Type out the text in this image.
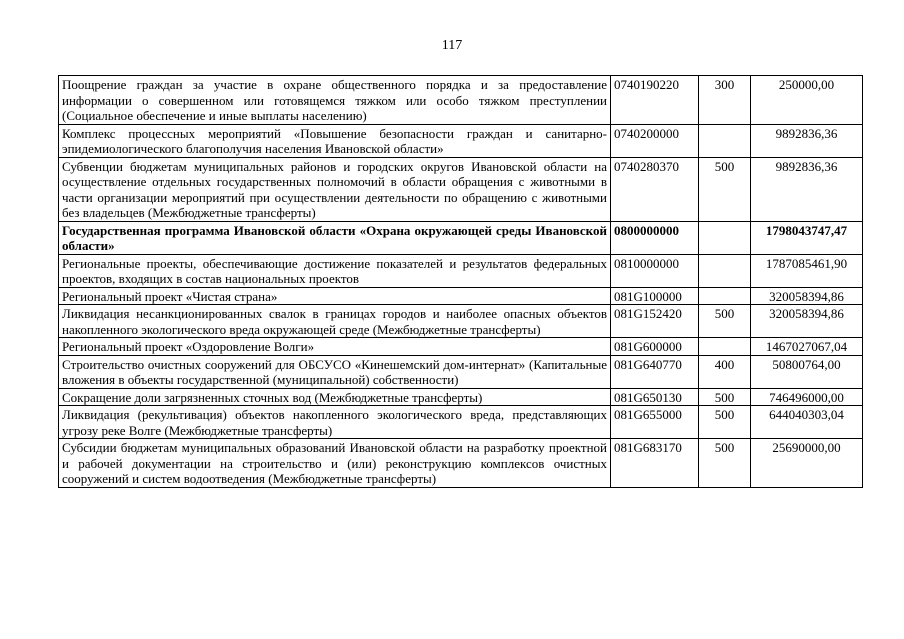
117
Поощрение граждан за участие в охране общественного порядка и за предоставление информации о совершенном или готовящемся тяжком или особо тяжком преступлении (Социальное обеспечение и иные выплаты населению)	0740190220	300	250000,00
Комплекс процессных мероприятий «Повышение безопасности граждан и санитарно-эпидемиологического благополучия населения Ивановской области»	0740200000		9892836,36
Субвенции бюджетам муниципальных районов и городских округов Ивановской области на осуществление отдельных государственных полномочий в области обращения с животными в части организации мероприятий при осуществлении деятельности по обращению с животными без владельцев (Межбюджетные трансферты)	0740280370	500	9892836,36
Государственная программа Ивановской области «Охрана окружающей среды Ивановской области»	0800000000		1798043747,47
Региональные проекты, обеспечивающие достижение показателей и результатов федеральных проектов, входящих в состав национальных проектов	0810000000		1787085461,90
Региональный проект «Чистая страна»	081G100000		320058394,86
Ликвидация несанкционированных свалок в границах городов и наиболее опасных объектов накопленного экологического вреда окружающей среде (Межбюджетные трансферты)	081G152420	500	320058394,86
Региональный проект «Оздоровление Волги»	081G600000		1467027067,04
Строительство очистных сооружений для ОБСУСО «Кинешемский дом-интернат» (Капитальные вложения в объекты государственной (муниципальной) собственности)	081G640770	400	50800764,00
Сокращение доли загрязненных сточных вод (Межбюджетные трансферты)	081G650130	500	746496000,00
Ликвидация (рекультивация) объектов накопленного экологического вреда, представляющих угрозу реке Волге (Межбюджетные трансферты)	081G655000	500	644040303,04
Субсидии бюджетам муниципальных образований Ивановской области на разработку проектной и рабочей документации на строительство и (или) реконструкцию комплексов очистных сооружений и систем водоотведения (Межбюджетные трансферты)	081G683170	500	25690000,00
